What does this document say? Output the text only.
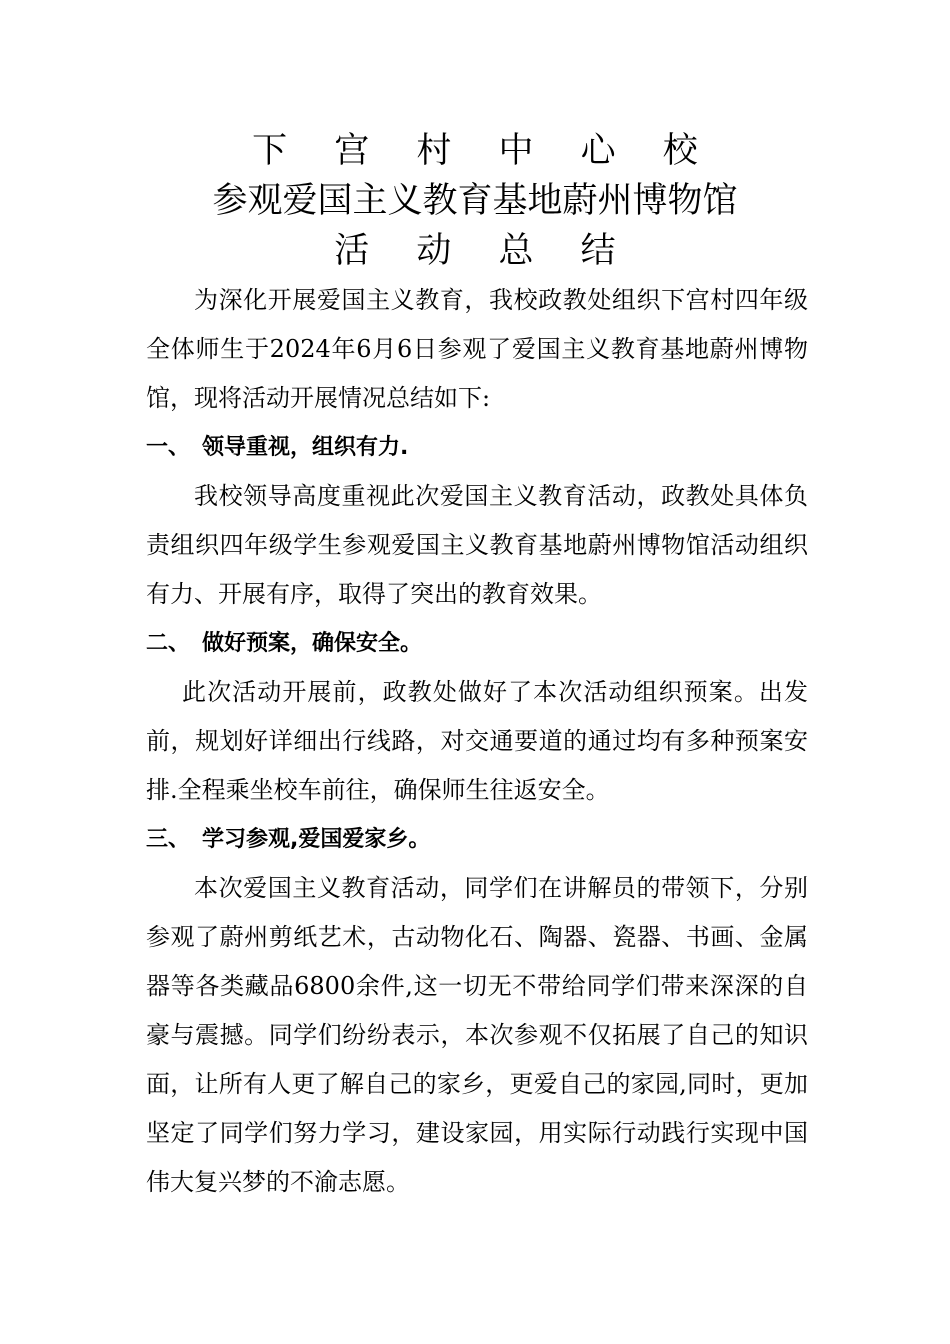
下 宫 村 中 心 校
参观爱国主义教育基地蔚州博物馆
活 动 总 结

为深化开展爱国主义教育，我校政教处组织下宫村四年级全体师生于2024年6月6日参观了爱国主义教育基地蔚州博物馆，现将活动开展情况总结如下:

一、 领导重视，组织有力.

我校领导高度重视此次爱国主义教育活动，政教处具体负责组织四年级学生参观爱国主义教育基地蔚州博物馆活动组织有力、开展有序，取得了突出的教育效果。

二、 做好预案，确保安全。

此次活动开展前，政教处做好了本次活动组织预案。出发前，规划好详细出行线路，对交通要道的通过均有多种预案安排.全程乘坐校车前往，确保师生往返安全。

三、 学习参观,爱国爱家乡。

本次爱国主义教育活动，同学们在讲解员的带领下，分别参观了蔚州剪纸艺术，古动物化石、陶器、瓷器、书画、金属器等各类藏品6800余件,这一切无不带给同学们带来深深的自豪与震撼。同学们纷纷表示，本次参观不仅拓展了自己的知识面，让所有人更了解自己的家乡，更爱自己的家园,同时，更加坚定了同学们努力学习，建设家园，用实际行动践行实现中国伟大复兴梦的不渝志愿。
